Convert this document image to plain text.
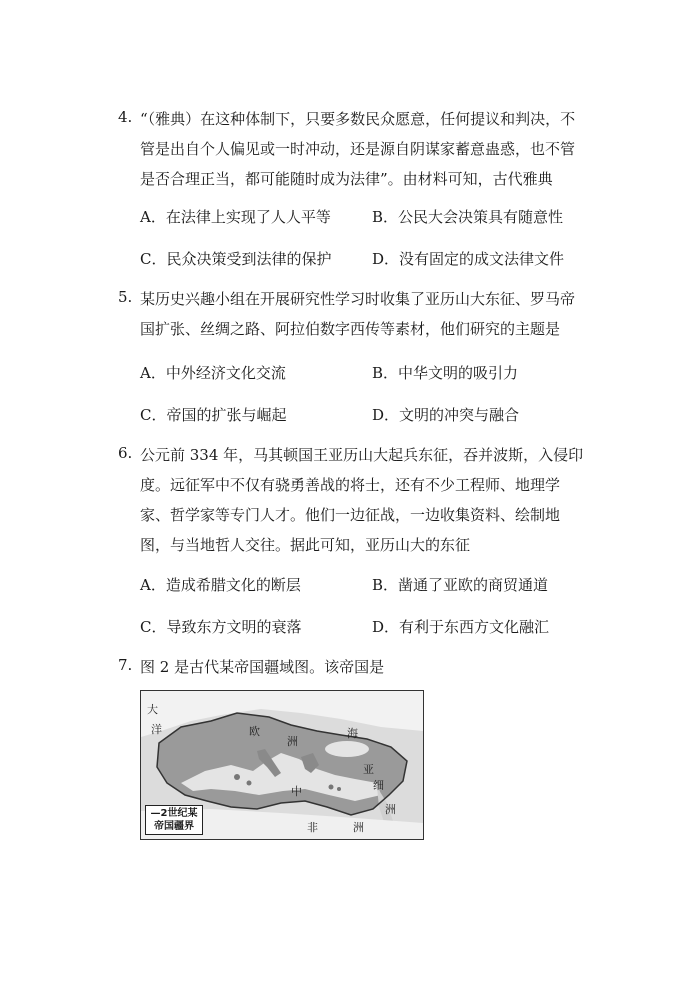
4. “（雅典）在这种体制下，只要多数民众愿意，任何提议和判决，不管是出自个人偏见或一时冲动，还是源自阴谋家蓄意蛊惑，也不管是否合理正当，都可能随时成为法律”。由材料可知，古代雅典
A．在法律上实现了人人平等	B．公民大会决策具有随意性
C．民众决策受到法律的保护	D．没有固定的成文法律文件
5. 某历史兴趣小组在开展研究性学习时收集了亚历山大东征、罗马帝国扩张、丝绸之路、阿拉伯数字西传等素材，他们研究的主题是
A．中外经济文化交流	B．中华文明的吸引力
C．帝国的扩张与崛起	D．文明的冲突与融合
6. 公元前 334 年，马其顿国王亚历山大起兵东征，吞并波斯，入侵印度。远征军中不仅有骁勇善战的将士，还有不少工程师、地理学家、哲学家等专门人才。他们一边征战，一边收集资料、绘制地图，与当地哲人交往。据此可知，亚历山大的东征
A．造成希腊文化的断层	B．凿通了亚欧的商贸通道
C．导致东方文明的衰落	D．有利于东西方文化融汇
7. 图 2 是古代某帝国疆域图。该帝国是
大
洋	欧
洲
海
亚
细
洲
中
非	洲
—2世纪某
帝国疆界
